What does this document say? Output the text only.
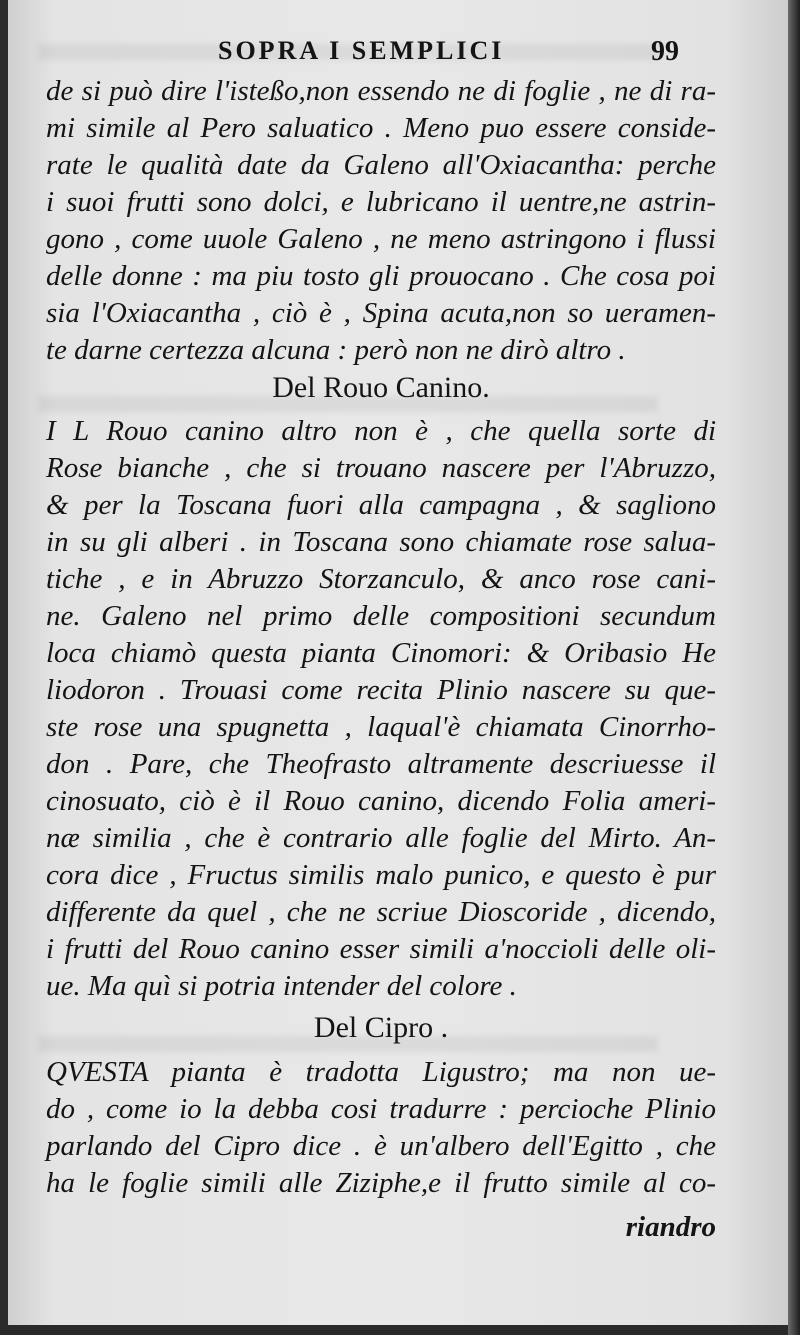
SOPRA I SEMPLICI	99
de si può dire l'isteßo,non essendo ne di foglie , ne di ra-
mi simile al Pero saluatico . Meno puo essere conside-
rate le qualità date da Galeno all'Oxiacantha: perche
i suoi frutti sono dolci, e lubricano il uentre,ne astrin-
gono , come uuole Galeno , ne meno astringono i flussi
delle donne : ma piu tosto gli prouocano . Che cosa poi
sia l'Oxiacantha , ciò è , Spina acuta,non so ueramen-
te darne certezza alcuna : però non ne dirò altro .
Del Rouo Canino.
I L Rouo canino altro non è , che quella sorte di
Rose bianche , che si trouano nascere per l'Abruzzo,
& per la Toscana fuori alla campagna , & sagliono
in su gli alberi . in Toscana sono chiamate rose salua-
tiche , e in Abruzzo Storzanculo, & anco rose cani-
ne. Galeno nel primo delle compositioni secundum
loca chiamò questa pianta Cinomori: & Oribasio He
liodoron . Trouasi come recita Plinio nascere su que-
ste rose una spugnetta , laqual'è chiamata Cinorrho-
don . Pare, che Theofrasto altramente descriuesse il
cinosuato, ciò è il Rouo canino, dicendo Folia ameri-
næ similia , che è contrario alle foglie del Mirto. An-
cora dice , Fructus similis malo punico, e questo è pur
differente da quel , che ne scriue Dioscoride , dicendo,
i frutti del Rouo canino esser simili a'noccioli delle oli-
ue. Ma quì si potria intender del colore .
Del Cipro .
QVESTA pianta è tradotta Ligustro; ma non ue-
do , come io la debba cosi tradurre : percioche Plinio
parlando del Cipro dice . è un'albero dell'Egitto , che
ha le foglie simili alle Ziziphe,e il frutto simile al co-
riandro
